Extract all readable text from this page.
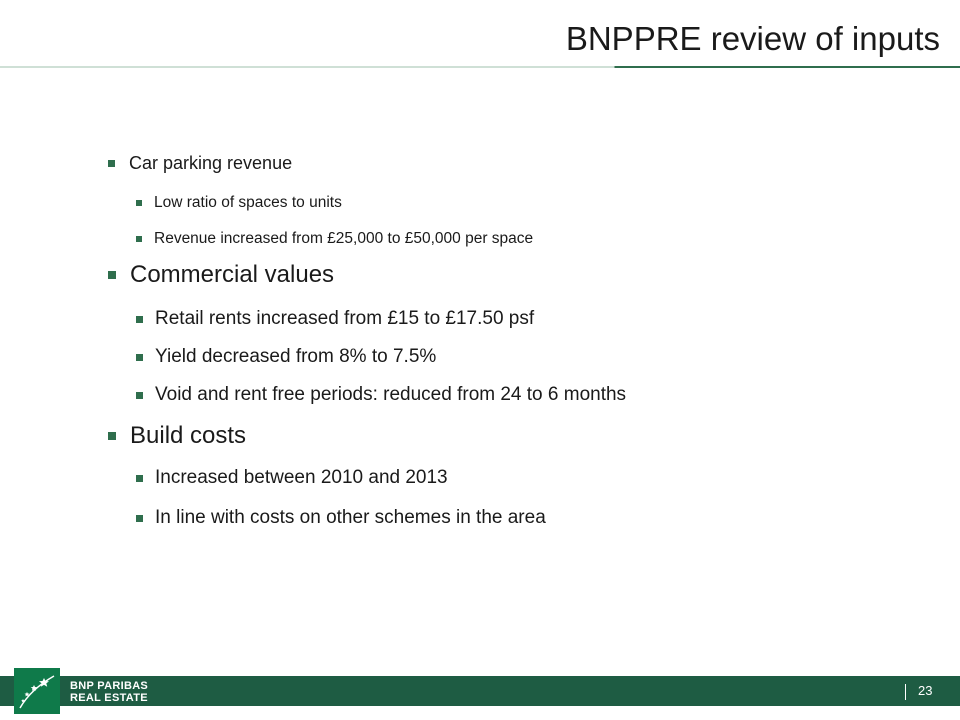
BNPPRE review of inputs
Car parking revenue
Low ratio of spaces to units
Revenue increased from £25,000 to £50,000 per space
Commercial values
Retail rents increased from £15 to £17.50 psf
Yield decreased from 8% to 7.5%
Void and rent free periods: reduced from 24 to 6 months
Build costs
Increased between 2010 and 2013
In line with costs on other schemes in the area
BNP PARIBAS
REAL ESTATE	23
